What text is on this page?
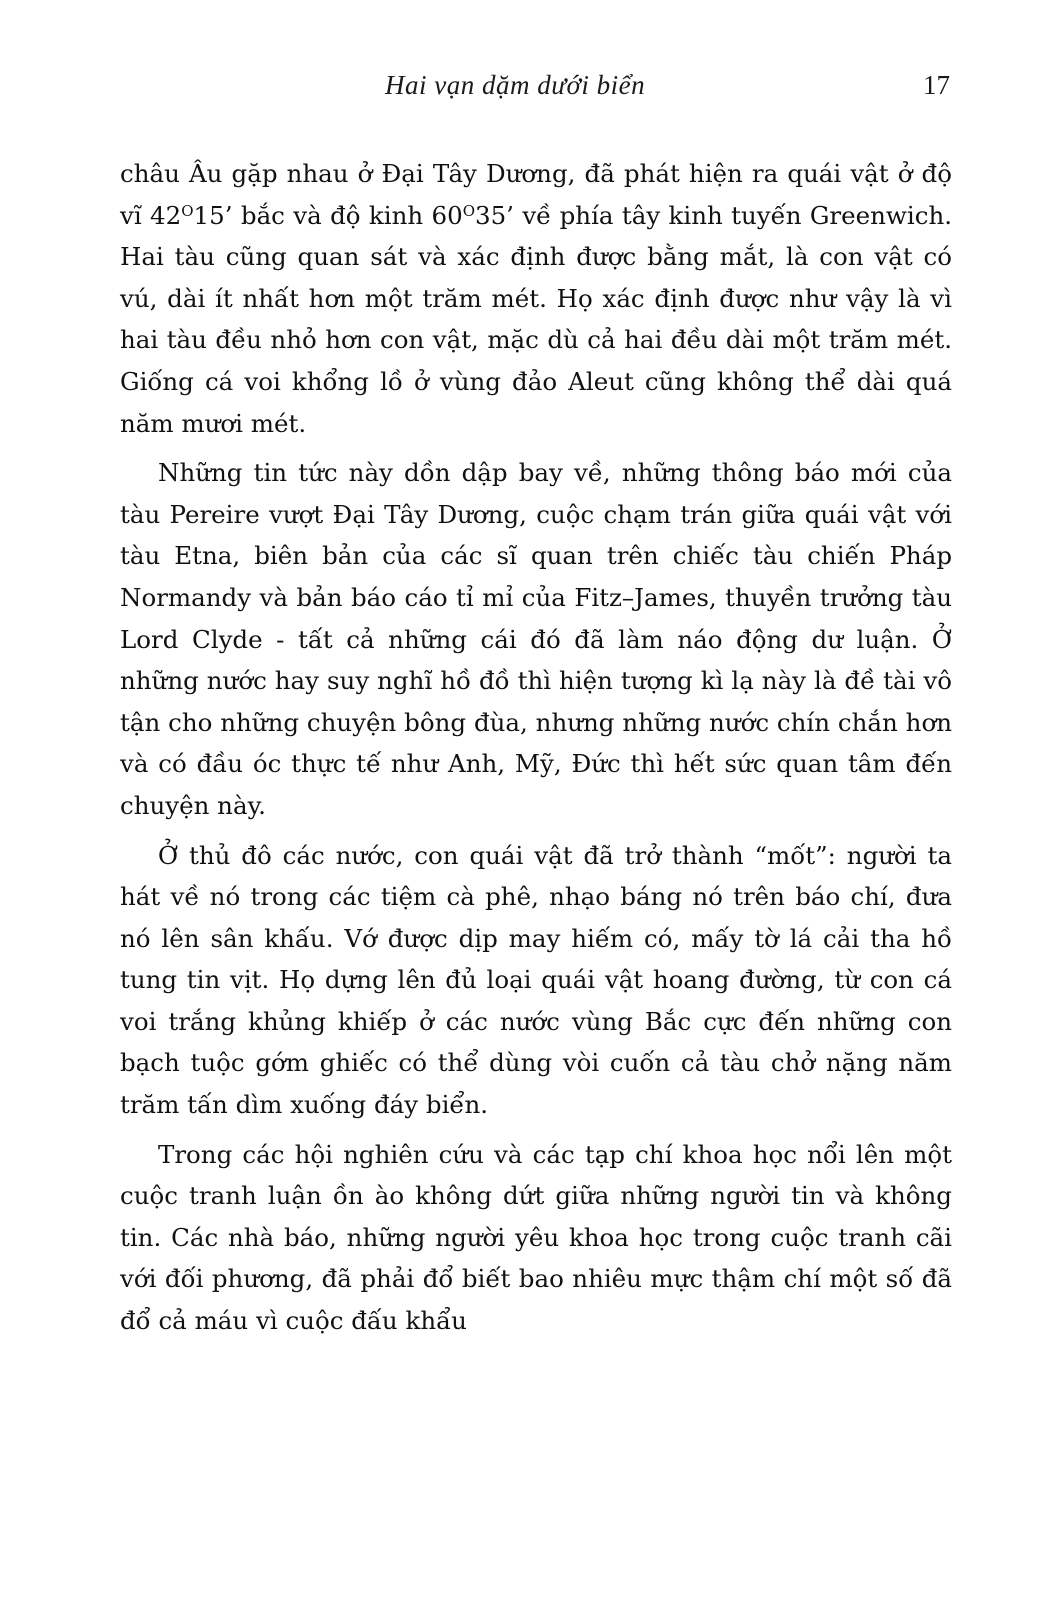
Hai vạn dặm dưới biển	17

châu Âu gặp nhau ở Đại Tây Dương, đã phát hiện ra quái vật ở độ vĩ $42^O15$’ bắc và độ kinh $60^O35$’ về phía tây kinh tuyến Greenwich. Hai tàu cũng quan sát và xác định được bằng mắt, là con vật có vú, dài ít nhất hơn một trăm mét. Họ xác định được như vậy là vì hai tàu đều nhỏ hơn con vật, mặc dù cả hai đều dài một trăm mét. Giống cá voi khổng lồ ở vùng đảo Aleut cũng không thể dài quá năm mươi mét.

Những tin tức này dồn dập bay về, những thông báo mới của tàu Pereire vượt Đại Tây Dương, cuộc chạm trán giữa quái vật với tàu Etna, biên bản của các sĩ quan trên chiếc tàu chiến Pháp Normandy và bản báo cáo tỉ mỉ của Fitz–James, thuyền trưởng tàu Lord Clyde - tất cả những cái đó đã làm náo động dư luận. Ở những nước hay suy nghĩ hồ đồ thì hiện tượng kì lạ này là đề tài vô tận cho những chuyện bông đùa, nhưng những nước chín chắn hơn và có đầu óc thực tế như Anh, Mỹ, Đức thì hết sức quan tâm đến chuyện này.

Ở thủ đô các nước, con quái vật đã trở thành “mốt”: người ta hát về nó trong các tiệm cà phê, nhạo báng nó trên báo chí, đưa nó lên sân khấu. Vớ được dịp may hiếm có, mấy tờ lá cải tha hồ tung tin vịt. Họ dựng lên đủ loại quái vật hoang đường, từ con cá voi trắng khủng khiếp ở các nước vùng Bắc cực đến những con bạch tuộc gớm ghiếc có thể dùng vòi cuốn cả tàu chở nặng năm trăm tấn dìm xuống đáy biển.

Trong các hội nghiên cứu và các tạp chí khoa học nổi lên một cuộc tranh luận ồn ào không dứt giữa những người tin và không tin. Các nhà báo, những người yêu khoa học trong cuộc tranh cãi với đối phương, đã phải đổ biết bao nhiêu mực thậm chí một số đã đổ cả máu vì cuộc đấu khẩu
